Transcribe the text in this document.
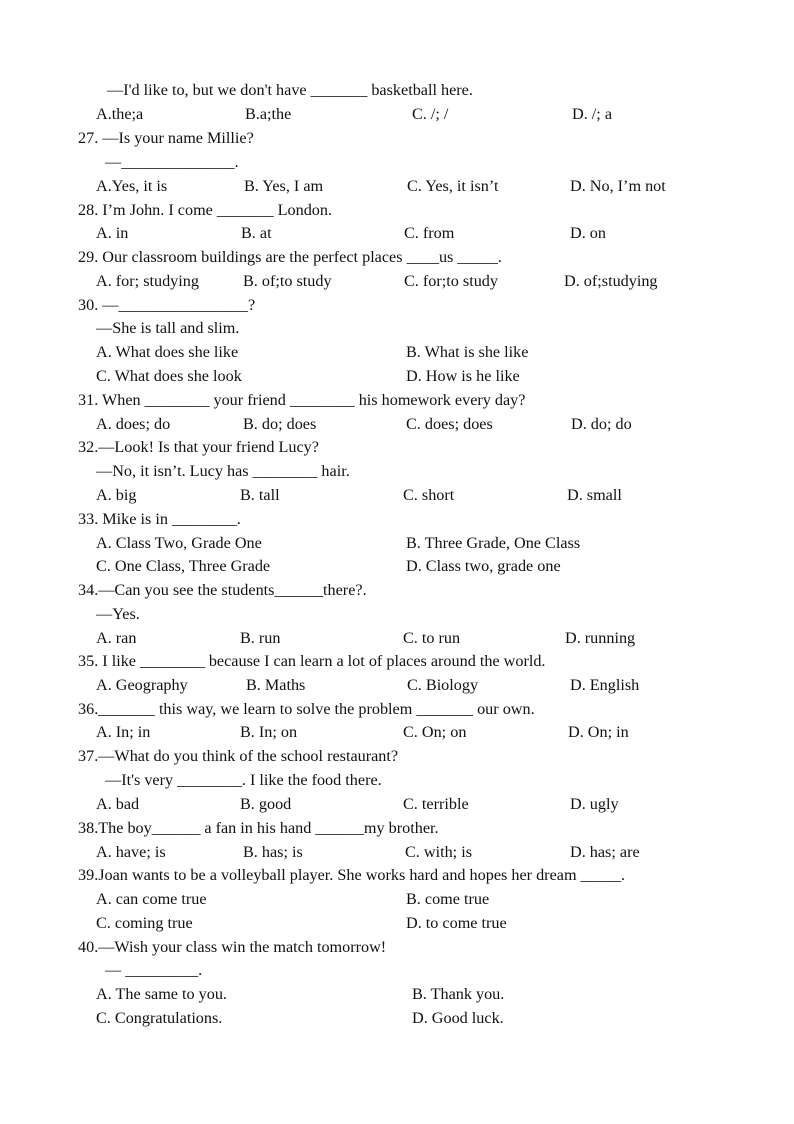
—I'd like to, but we don't have _______ basketball here.
A.the;a	B.a;the	C. /; /	D. /; a
27. —Is your name Millie?
—______________.
A.Yes, it is	B. Yes, I am	C. Yes, it isn’t	D. No, I’m not
28. I’m John. I come _______ London.
A. in	B. at	C. from	D. on
29. Our classroom buildings are the perfect places ____us _____.
A. for; studying	B. of;to study	C. for;to study	D. of;studying
30. —________________?
—She is tall and slim.
A. What does she like	B. What is she like
C. What does she look	D. How is he like
31. When ________ your friend ________ his homework every day?
A. does; do	B. do; does	C. does; does	D. do; do
32.—Look! Is that your friend Lucy?
—No, it isn’t. Lucy has ________ hair.
A. big	B. tall	C. short	D. small
33. Mike is in ________.
A. Class Two, Grade One	B. Three Grade, One Class
C. One Class, Three Grade	D. Class two, grade one
34.—Can you see the students______there?.
—Yes.
A. ran	B. run	C. to run	D. running
35. I like ________ because I can learn a lot of places around the world.
A. Geography	B. Maths	C. Biology	D. English
36._______ this way, we learn to solve the problem _______ our own.
A. In; in	B. In; on	C. On; on	D. On; in
37.—What do you think of the school restaurant?
—It's very ________. I like the food there.
A. bad	B. good	C. terrible	D. ugly
38.The boy______ a fan in his hand ______my brother.
A. have; is	B. has; is	C. with; is	D. has; are
39.Joan wants to be a volleyball player. She works hard and hopes her dream _____.
A. can come true	B. come true
C. coming true	D. to come true
40.—Wish your class win the match tomorrow!
— _________.
A. The same to you.	B. Thank you.
C. Congratulations.	D. Good luck.
